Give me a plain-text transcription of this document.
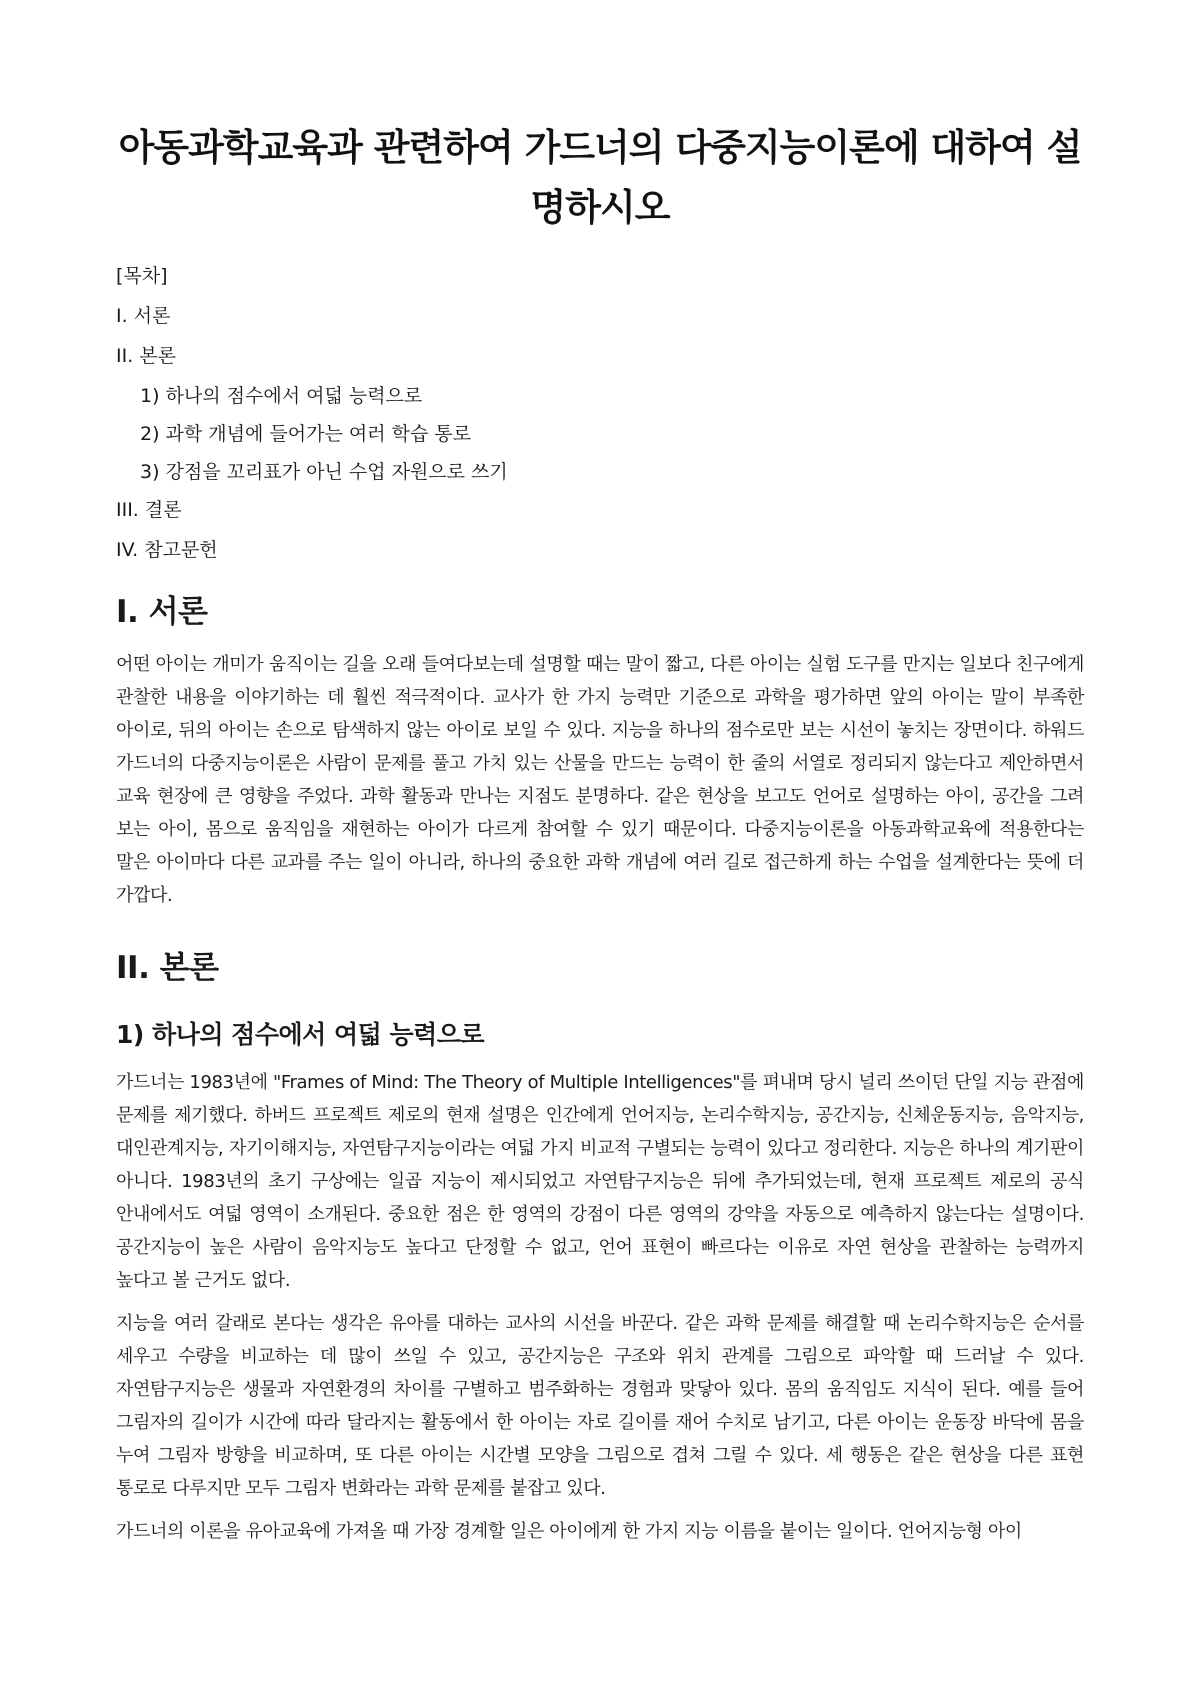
아동과학교육과 관련하여 가드너의 다중지능이론에 대하여 설명하시오
[목차]
I. 서론
II. 본론
1) 하나의 점수에서 여덟 능력으로
2) 과학 개념에 들어가는 여러 학습 통로
3) 강점을 꼬리표가 아닌 수업 자원으로 쓰기
III. 결론
IV. 참고문헌
I. 서론

어떤 아이는 개미가 움직이는 길을 오래 들여다보는데 설명할 때는 말이 짧고, 다른 아이는 실험 도구를 만지는 일보다 친구에게 관찰한 내용을 이야기하는 데 훨씬 적극적이다. 교사가 한 가지 능력만 기준으로 과학을 평가하면 앞의 아이는 말이 부족한 아이로, 뒤의 아이는 손으로 탐색하지 않는 아이로 보일 수 있다. 지능을 하나의 점수로만 보는 시선이 놓치는 장면이다. 하워드 가드너의 다중지능이론은 사람이 문제를 풀고 가치 있는 산물을 만드는 능력이 한 줄의 서열로 정리되지 않는다고 제안하면서 교육 현장에 큰 영향을 주었다. 과학 활동과 만나는 지점도 분명하다. 같은 현상을 보고도 언어로 설명하는 아이, 공간을 그려 보는 아이, 몸으로 움직임을 재현하는 아이가 다르게 참여할 수 있기 때문이다. 다중지능이론을 아동과학교육에 적용한다는 말은 아이마다 다른 교과를 주는 일이 아니라, 하나의 중요한 과학 개념에 여러 길로 접근하게 하는 수업을 설계한다는 뜻에 더 가깝다.

II. 본론
1) 하나의 점수에서 여덟 능력으로

가드너는 1983년에 "Frames of Mind: The Theory of Multiple Intelligences"를 펴내며 당시 널리 쓰이던 단일 지능 관점에 문제를 제기했다. 하버드 프로젝트 제로의 현재 설명은 인간에게 언어지능, 논리수학지능, 공간지능, 신체운동지능, 음악지능, 대인관계지능, 자기이해지능, 자연탐구지능이라는 여덟 가지 비교적 구별되는 능력이 있다고 정리한다. 지능은 하나의 계기판이 아니다. 1983년의 초기 구상에는 일곱 지능이 제시되었고 자연탐구지능은 뒤에 추가되었는데, 현재 프로젝트 제로의 공식 안내에서도 여덟 영역이 소개된다. 중요한 점은 한 영역의 강점이 다른 영역의 강약을 자동으로 예측하지 않는다는 설명이다. 공간지능이 높은 사람이 음악지능도 높다고 단정할 수 없고, 언어 표현이 빠르다는 이유로 자연 현상을 관찰하는 능력까지 높다고 볼 근거도 없다.

지능을 여러 갈래로 본다는 생각은 유아를 대하는 교사의 시선을 바꾼다. 같은 과학 문제를 해결할 때 논리수학지능은 순서를 세우고 수량을 비교하는 데 많이 쓰일 수 있고, 공간지능은 구조와 위치 관계를 그림으로 파악할 때 드러날 수 있다. 자연탐구지능은 생물과 자연환경의 차이를 구별하고 범주화하는 경험과 맞닿아 있다. 몸의 움직임도 지식이 된다. 예를 들어 그림자의 길이가 시간에 따라 달라지는 활동에서 한 아이는 자로 길이를 재어 수치로 남기고, 다른 아이는 운동장 바닥에 몸을 누여 그림자 방향을 비교하며, 또 다른 아이는 시간별 모양을 그림으로 겹쳐 그릴 수 있다. 세 행동은 같은 현상을 다른 표현 통로로 다루지만 모두 그림자 변화라는 과학 문제를 붙잡고 있다.

가드너의 이론을 유아교육에 가져올 때 가장 경계할 일은 아이에게 한 가지 지능 이름을 붙이는 일이다. 언어지능형 아이
